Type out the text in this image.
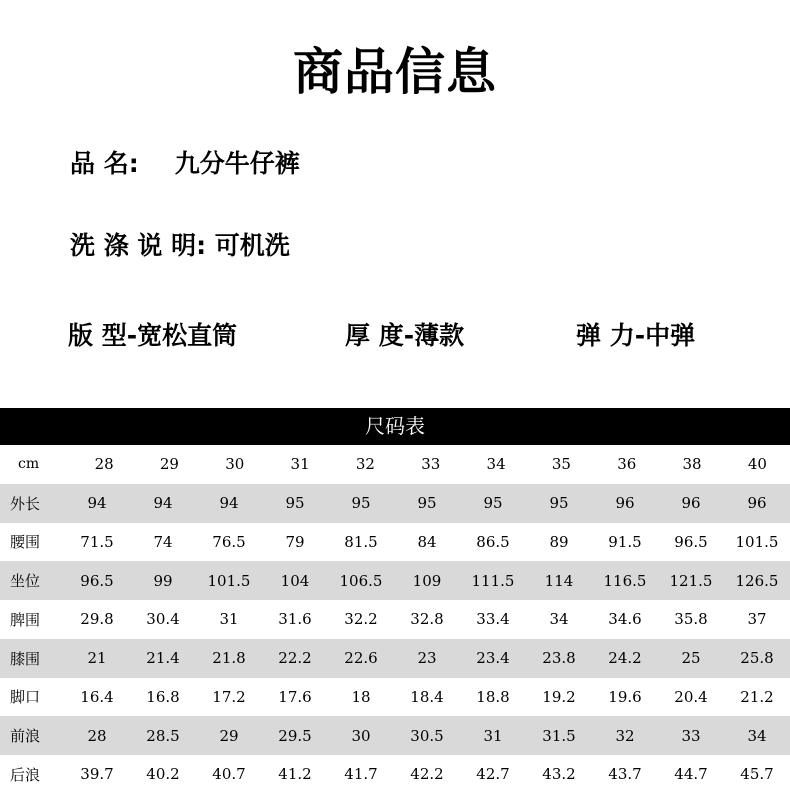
商品信息
品 名: 九分牛仔裤
洗 涤 说 明: 可机洗
版 型-宽松直筒	厚 度-薄款	弹 力-中弹
尺码表
cm	28	29	30	31	32	33	34	35	36	38	40
外长	94	94	94	95	95	95	95	95	96	96	96
腰围	71.5	74	76.5	79	81.5	84	86.5	89	91.5	96.5	101.5
坐位	96.5	99	101.5	104	106.5	109	111.5	114	116.5	121.5	126.5
脾围	29.8	30.4	31	31.6	32.2	32.8	33.4	34	34.6	35.8	37
膝围	21	21.4	21.8	22.2	22.6	23	23.4	23.8	24.2	25	25.8
脚口	16.4	16.8	17.2	17.6	18	18.4	18.8	19.2	19.6	20.4	21.2
前浪	28	28.5	29	29.5	30	30.5	31	31.5	32	33	34
后浪	39.7	40.2	40.7	41.2	41.7	42.2	42.7	43.2	43.7	44.7	45.7
